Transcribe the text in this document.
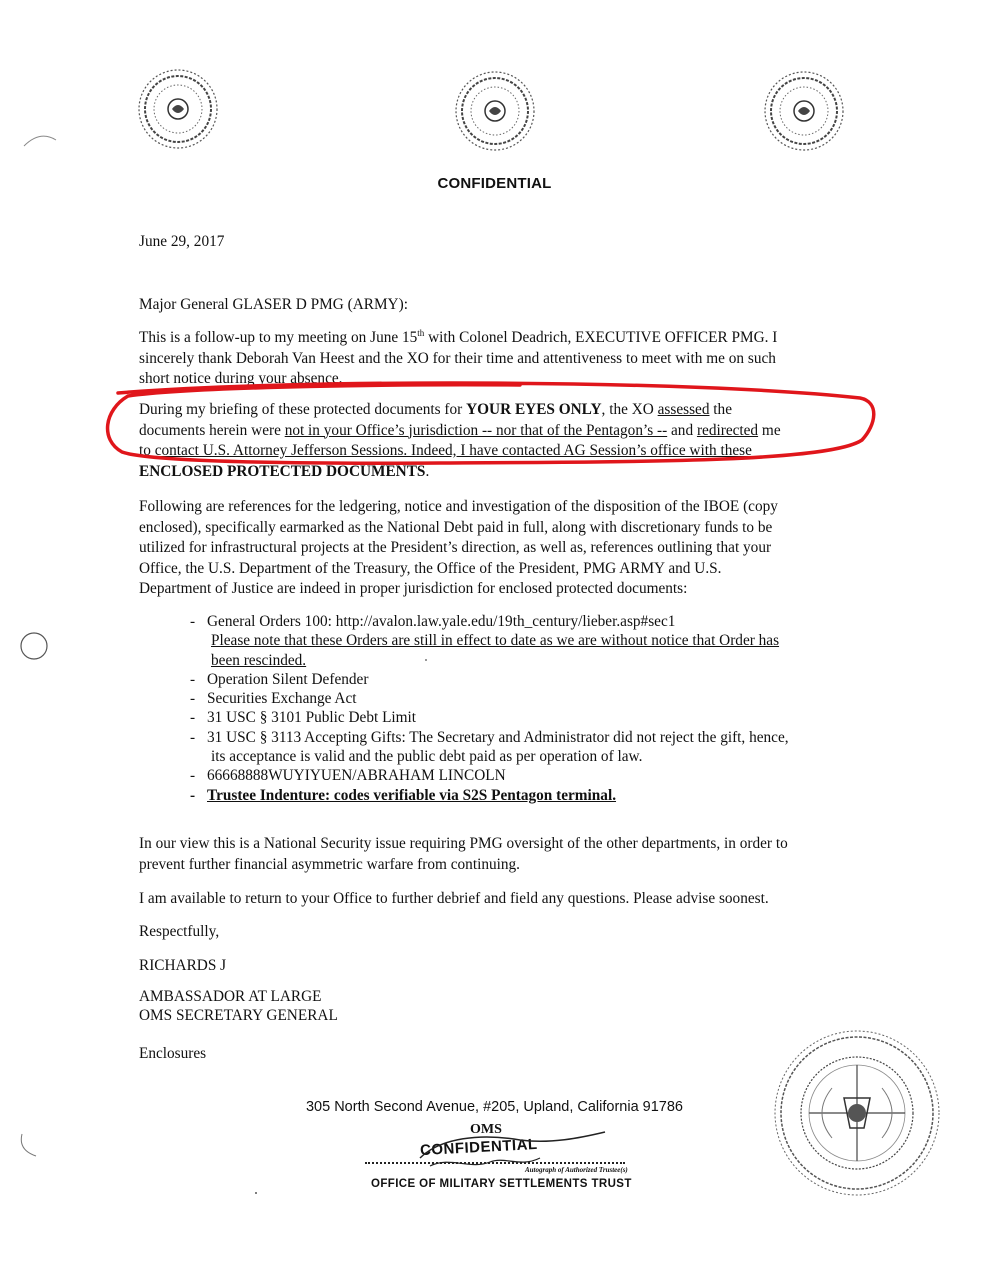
CONFIDENTIAL
June 29, 2017
Major General GLASER D PMG (ARMY):
This is a follow-up to my meeting on June 15th with Colonel Deadrich, EXECUTIVE OFFICER PMG. I
sincerely thank Deborah Van Heest and the XO for their time and attentiveness to meet with me on such
short notice during your absence.
During my briefing of these protected documents for YOUR EYES ONLY, the XO assessed the
documents herein were not in your Office’s jurisdiction -- nor that of the Pentagon’s -- and redirected me
to contact U.S. Attorney Jefferson Sessions. Indeed, I have contacted AG Session’s office with these
ENCLOSED PROTECTED DOCUMENTS.
Following are references for the ledgering, notice and investigation of the disposition of the IBOE (copy
enclosed), specifically earmarked as the National Debt paid in full, along with discretionary funds to be
utilized for infrastructural projects at the President’s direction, as well as, references outlining that your
Office, the U.S. Department of the Treasury, the Office of the President, PMG ARMY and U.S.
Department of Justice are indeed in proper jurisdiction for enclosed protected documents:
- General Orders 100: http://avalon.law.yale.edu/19th_century/lieber.asp#sec1
Please note that these Orders are still in effect to date as we are without notice that Order has
been rescinded.
- Operation Silent Defender
- Securities Exchange Act
- 31 USC § 3101 Public Debt Limit
- 31 USC § 3113 Accepting Gifts: The Secretary and Administrator did not reject the gift, hence,
its acceptance is valid and the public debt paid as per operation of law.
- 66668888WUYIYUEN/ABRAHAM LINCOLN
- Trustee Indenture: codes verifiable via S2S Pentagon terminal.
In our view this is a National Security issue requiring PMG oversight of the other departments, in order to
prevent further financial asymmetric warfare from continuing.
I am available to return to your Office to further debrief and field any questions. Please advise soonest.
Respectfully,
RICHARDS J
AMBASSADOR AT LARGE
OMS SECRETARY GENERAL
Enclosures
305 North Second Avenue, #205, Upland, California 91786
OMS
CONFIDENTIAL
Autograph of Authorized Trustee(s)
OFFICE OF MILITARY SETTLEMENTS TRUST
